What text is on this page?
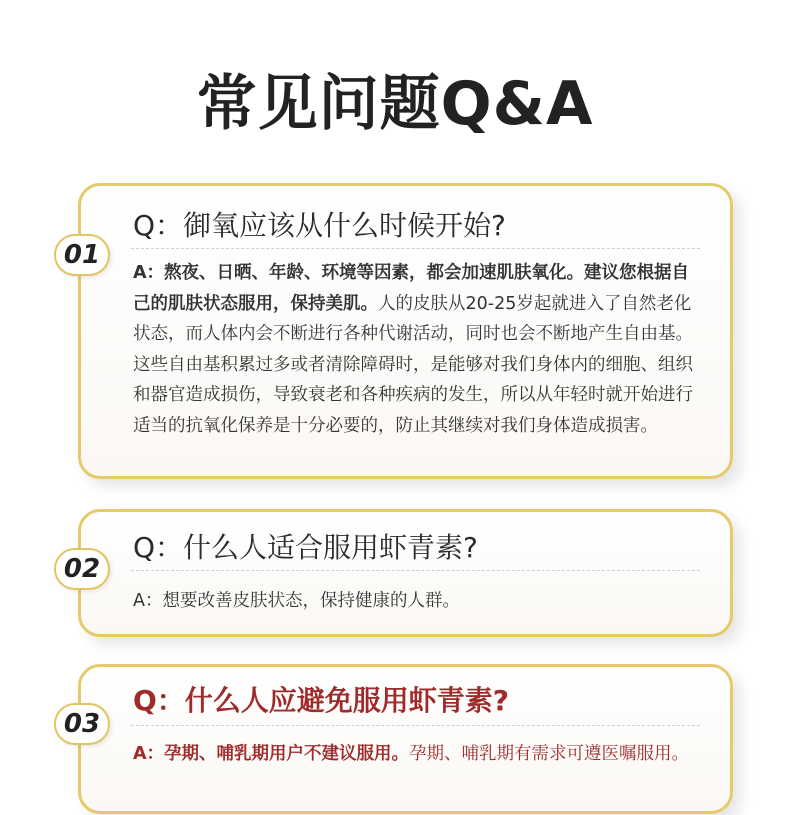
常见问题Q&A
Q：御氧应该从什么时候开始?
A：熬夜、日晒、年龄、环境等因素，都会加速肌肤氧化。建议您根据自己的肌肤状态服用，保持美肌。人的皮肤从20-25岁起就进入了自然老化状态，而人体内会不断进行各种代谢活动，同时也会不断地产生自由基。这些自由基积累过多或者清除障碍时，是能够对我们身体内的细胞、组织和器官造成损伤，导致衰老和各种疾病的发生，所以从年轻时就开始进行适当的抗氧化保养是十分必要的，防止其继续对我们身体造成损害。
01
Q：什么人适合服用虾青素?
A：想要改善皮肤状态，保持健康的人群。
02
Q：什么人应避免服用虾青素?
A：孕期、哺乳期用户不建议服用。孕期、哺乳期有需求可遵医嘱服用。
03
